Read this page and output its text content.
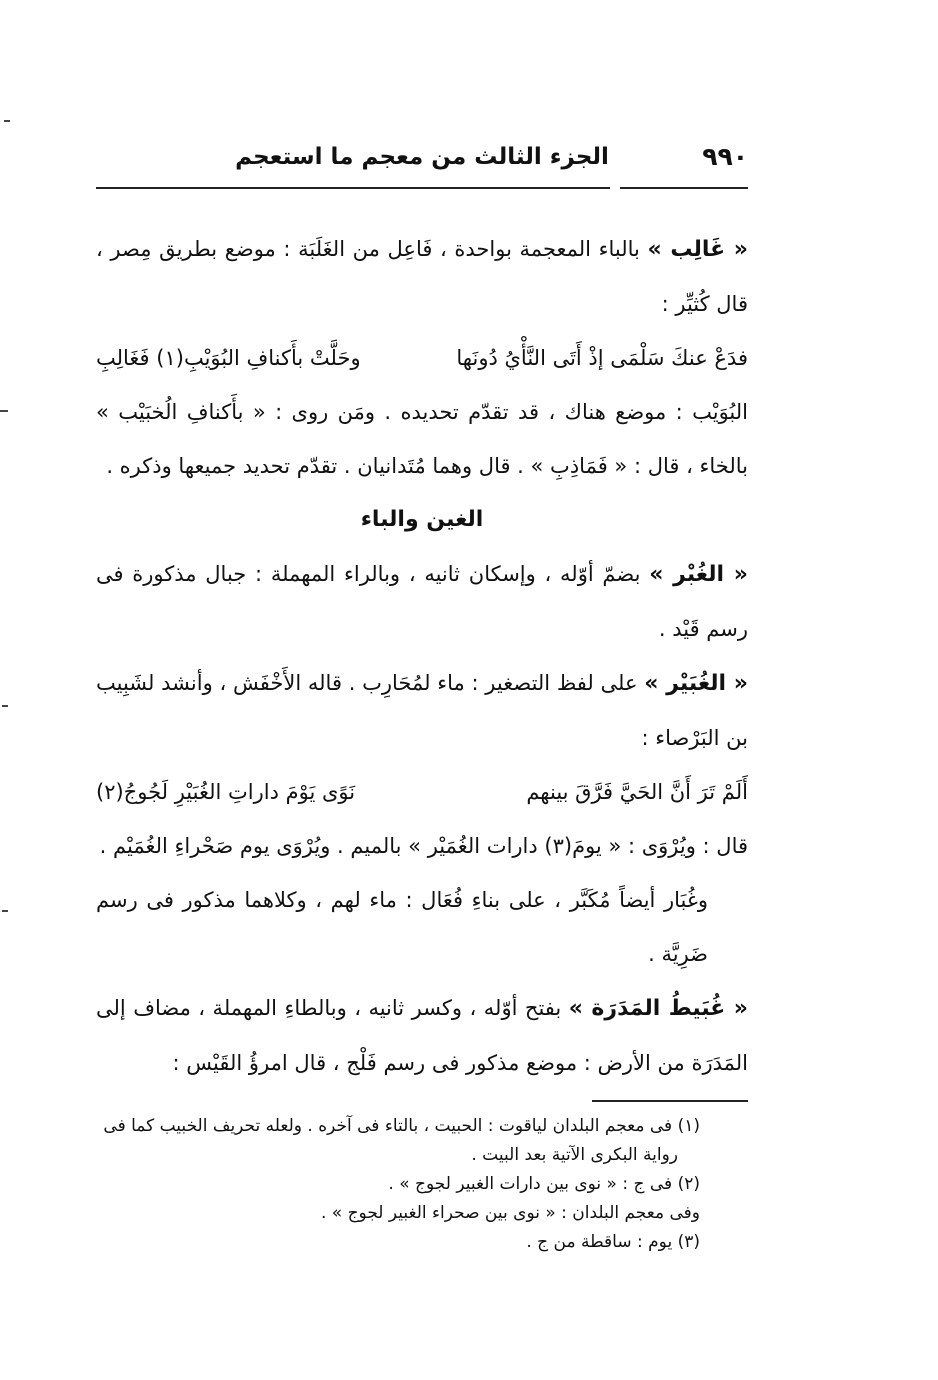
٩٩٠
الجزء الثالث من معجم ما استعجم

« غَالِب » بالباء المعجمة بواحدة ، فَاعِل من الغَلَبَة : موضع بطريق مِصر ، قال كُثيِّر :

فدَعْ عنكَ سَلْمَى إذْ أَتَى النَّأْيُ دُونَها
وحَلَّتْ بأَكنافِ البُوَيْبِ(١) فَغَالِبِ

البُوَيْب : موضع هناك ، قد تقدّم تحديده . ومَن روى : « بأَكنافِ الُخبَيْب » بالخاء ، قال : « فَمَاذِبِ » . قال وهما مُتَدانيان . تقدّم تحديد جميعها وذكره .

الغين والباء

« الغُبْر » بضمّ أوّله ، وإسكان ثانيه ، وبالراء المهملة : جبال مذكورة فى رسم قَيْد .

« الغُبَيْر » على لفظ التصغير : ماء لمُحَارِب . قاله الأَخْفَش ، وأنشد لشَبِيب بن البَرْصاء :

أَلَمْ تَرَ أَنَّ الحَيَّ فَرَّقَ بينهم
نَوًى يَوْمَ داراتِ الغُبَيْرِ لَجُوجُ(٢)

قال : ويُرْوَى : « يومَ(٣) دارات الغُمَيْر » بالميم . ويُرْوَى يوم صَحْراءِ الغُمَيْم .

وغُبَار أيضاً مُكَبَّر ، على بناءِ فُعَال : ماء لهم ، وكلاهما مذكور فى رسم ضَرِيَّة .

« غُبَيطُ المَدَرَة » بفتح أوّله ، وكسر ثانيه ، وبالطاءِ المهملة ، مضاف إلى المَدَرَة من الأرض : موضع مذكور فى رسم فَلْج ، قال امرؤُ القَيْس :

(١) فى معجم البلدان لياقوت : الحبيت ، بالتاء فى آخره . ولعله تحريف الخبيب كما فى

رواية البكرى الآتية بعد البيت .

(٢) فى ج : « نوى بين دارات الغبير لجوج » .

وفى معجم البلدان : « نوى بين صحراء الغبير لجوج » .

(٣) يوم : ساقطة من ج .
